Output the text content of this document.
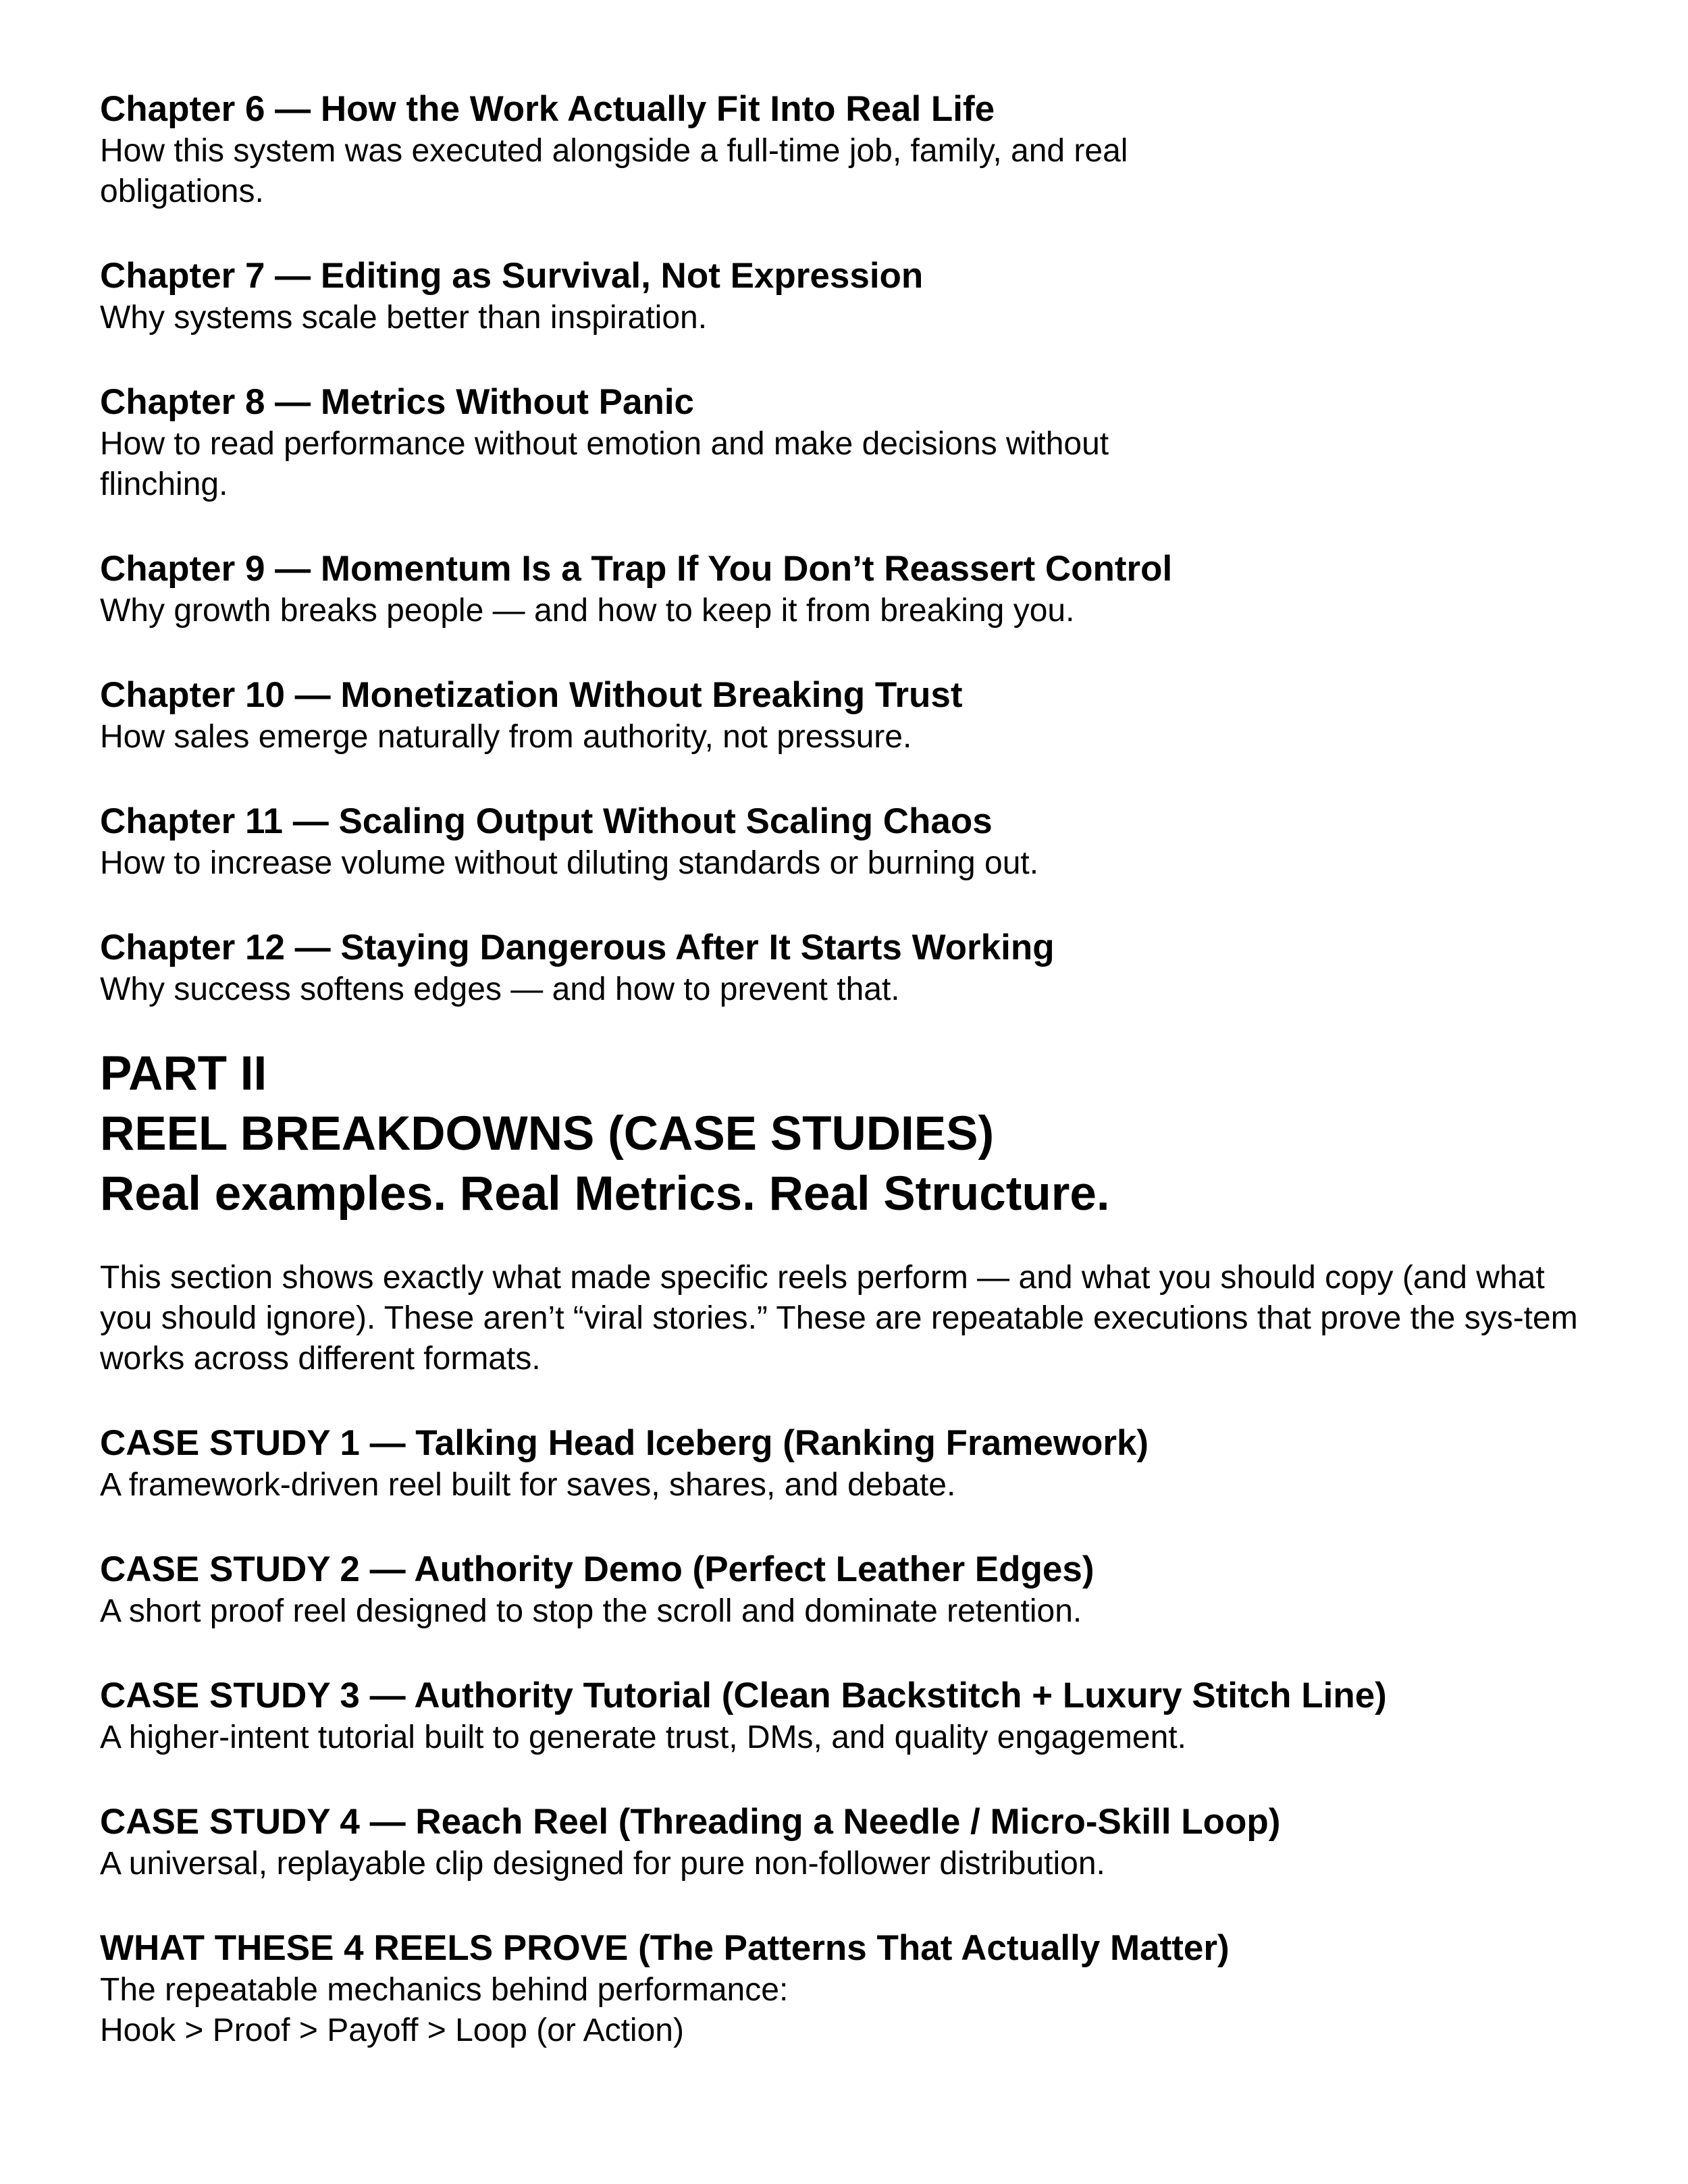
Chapter 6 — How the Work Actually Fit Into Real Life

How this system was executed alongside a full-time job, family, and real obligations.

Chapter 7 — Editing as Survival, Not Expression

Why systems scale better than inspiration.

Chapter 8 — Metrics Without Panic

How to read performance without emotion and make decisions without flinching.

Chapter 9 — Momentum Is a Trap If You Don’t Reassert Control

Why growth breaks people — and how to keep it from breaking you.

Chapter 10 — Monetization Without Breaking Trust

How sales emerge naturally from authority, not pressure.

Chapter 11 — Scaling Output Without Scaling Chaos

How to increase volume without diluting standards or burning out.

Chapter 12 — Staying Dangerous After It Starts Working

Why success softens edges — and how to prevent that.

PART II

REEL BREAKDOWNS (CASE STUDIES)

Real examples. Real Metrics. Real Structure.

This section shows exactly what made specific reels perform — and what you should copy (and what you should ignore). These aren’t “viral stories.” These are repeatable executions that prove the sys-tem works across different formats.

CASE STUDY 1 — Talking Head Iceberg (Ranking Framework)

A framework-driven reel built for saves, shares, and debate.

CASE STUDY 2 — Authority Demo (Perfect Leather Edges)

A short proof reel designed to stop the scroll and dominate retention.

CASE STUDY 3 — Authority Tutorial (Clean Backstitch + Luxury Stitch Line)

A higher-intent tutorial built to generate trust, DMs, and quality engagement.

CASE STUDY 4 — Reach Reel (Threading a Needle / Micro-Skill Loop)

A universal, replayable clip designed for pure non-follower distribution.

WHAT THESE 4 REELS PROVE (The Patterns That Actually Matter)

The repeatable mechanics behind performance:

Hook > Proof > Payoff > Loop (or Action)
